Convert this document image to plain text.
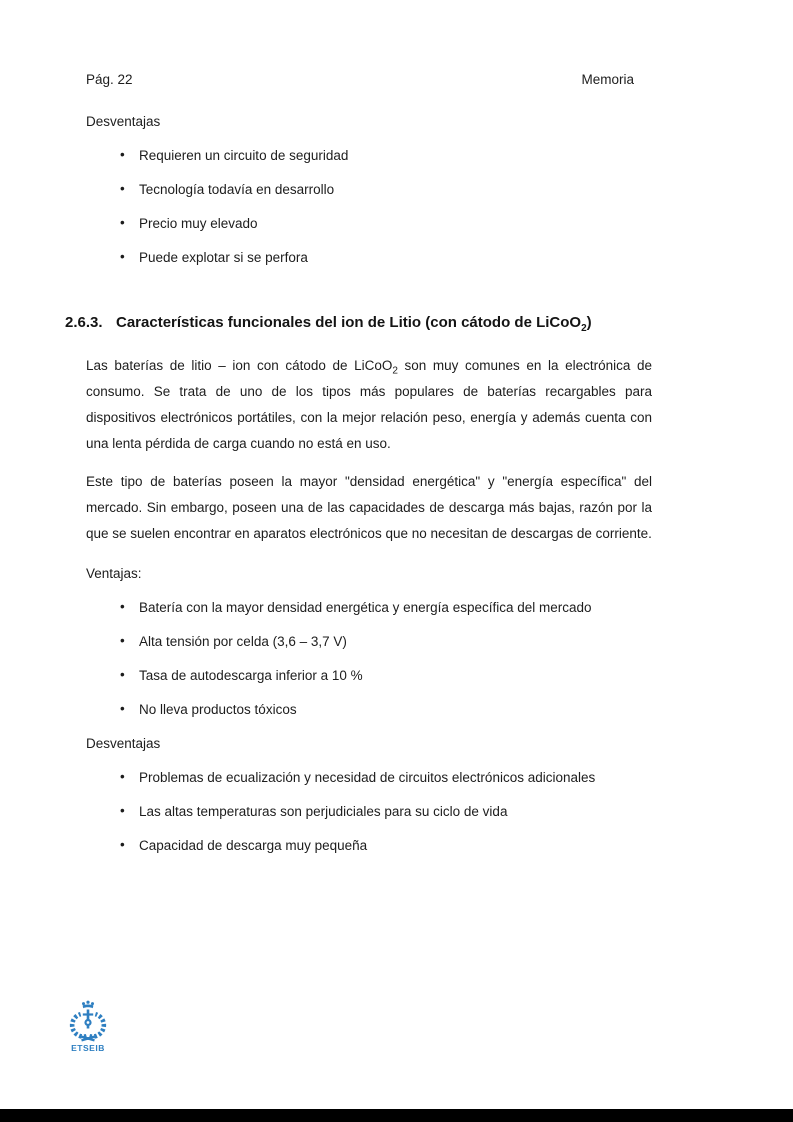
Pág. 22	Memoria
Desventajas
• Requieren un circuito de seguridad
• Tecnología todavía en desarrollo
• Precio muy elevado
• Puede explotar si se perfora
2.6.3. Características funcionales del ion de Litio (con cátodo de LiCoO$_2$)

Las baterías de litio – ion con cátodo de LiCoO$_2$ son muy comunes en la electrónica de consumo. Se trata de uno de los tipos más populares de baterías recargables para dispositivos electrónicos portátiles, con la mejor relación peso, energía y además cuenta con una lenta pérdida de carga cuando no está en uso.

Este tipo de baterías poseen la mayor "densidad energética" y "energía específica" del mercado. Sin embargo, poseen una de las capacidades de descarga más bajas, razón por la que se suelen encontrar en aparatos electrónicos que no necesitan de descargas de corriente.

Ventajas:
• Batería con la mayor densidad energética y energía específica del mercado
• Alta tensión por celda (3,6 – 3,7 V)
• Tasa de autodescarga inferior a 10 %
• No lleva productos tóxicos
Desventajas
• Problemas de ecualización y necesidad de circuitos electrónicos adicionales
• Las altas temperaturas son perjudiciales para su ciclo de vida
• Capacidad de descarga muy pequeña
ETSEIB
